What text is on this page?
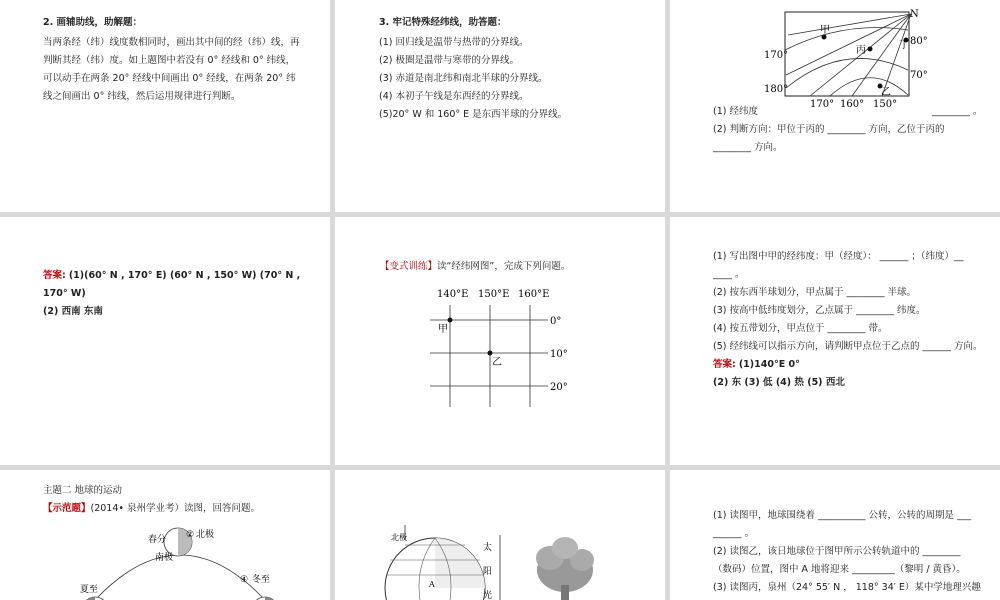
2. 画辅助线，助解题：
当两条经（纬）线度数相同时，画出其中间的经（纬）线，再
判断其经（纬）度。如上题图中若没有 0° 经线和 0° 纬线，
可以动手在两条 20° 经线中间画出 0° 经线，在两条 20° 纬
线之间画出 0° 纬线，然后运用规律进行判断。
3. 牢记特殊经纬线，助答题：
(1) 回归线是温带与热带的分界线。
(2) 极圈是温带与寒带的分界线。
(3) 赤道是南北纬和南北半球的分界线。
(4) 本初子午线是东西经的分界线。
(5)20° W 和 160° E 是东西半球的分界线。
N
甲
丙	丁
乙
170°
180°
80°
70°
170° 160° 150°
(1) 经纬度	________ 。
(2) 判断方向：甲位于丙的 ________ 方向，乙位于丙的
________ 方向。
答案: (1)(60° N , 170° E) (60° N , 150° W) (70° N ,
170° W)
(2) 西南 东南
【变式训练】读“经纬网图”，完成下列问题。
140°E 150°E 160°E
0°
10°
20°
甲
乙
(1) 写出图中甲的经纬度：甲（经度）： ______ ；（纬度）__
____ 。
(2) 按东西半球划分，甲点属于 ________ 半球。
(3) 按高中低纬度划分，乙点属于 ________ 纬度。
(4) 按五带划分，甲点位于 ________ 带。
(5) 经纬线可以指示方向，请判断甲点位于乙点的 ______ 方向。
答案: (1)140°E 0°
(2) 东 (3) 低 (4) 热 (5) 西北
主题二 地球的运动
【示范题】(2014• 泉州学业考）读图，回答问题。
春分	北极
南极
夏至
冬至
②
④
北极
A
太
阳
光
(1) 读图甲，地球围绕着 __________ 公转，公转的周期是 ___
______ 。
(2) 读图乙，该日地球位于图甲所示公转轨道中的 ________
（数码）位置，图中 A 地将迎来 _________（黎明 / 黄昏）。
(3) 读图丙，泉州（24° 55′ N ， 118° 34′ E）某中学地理兴趣
